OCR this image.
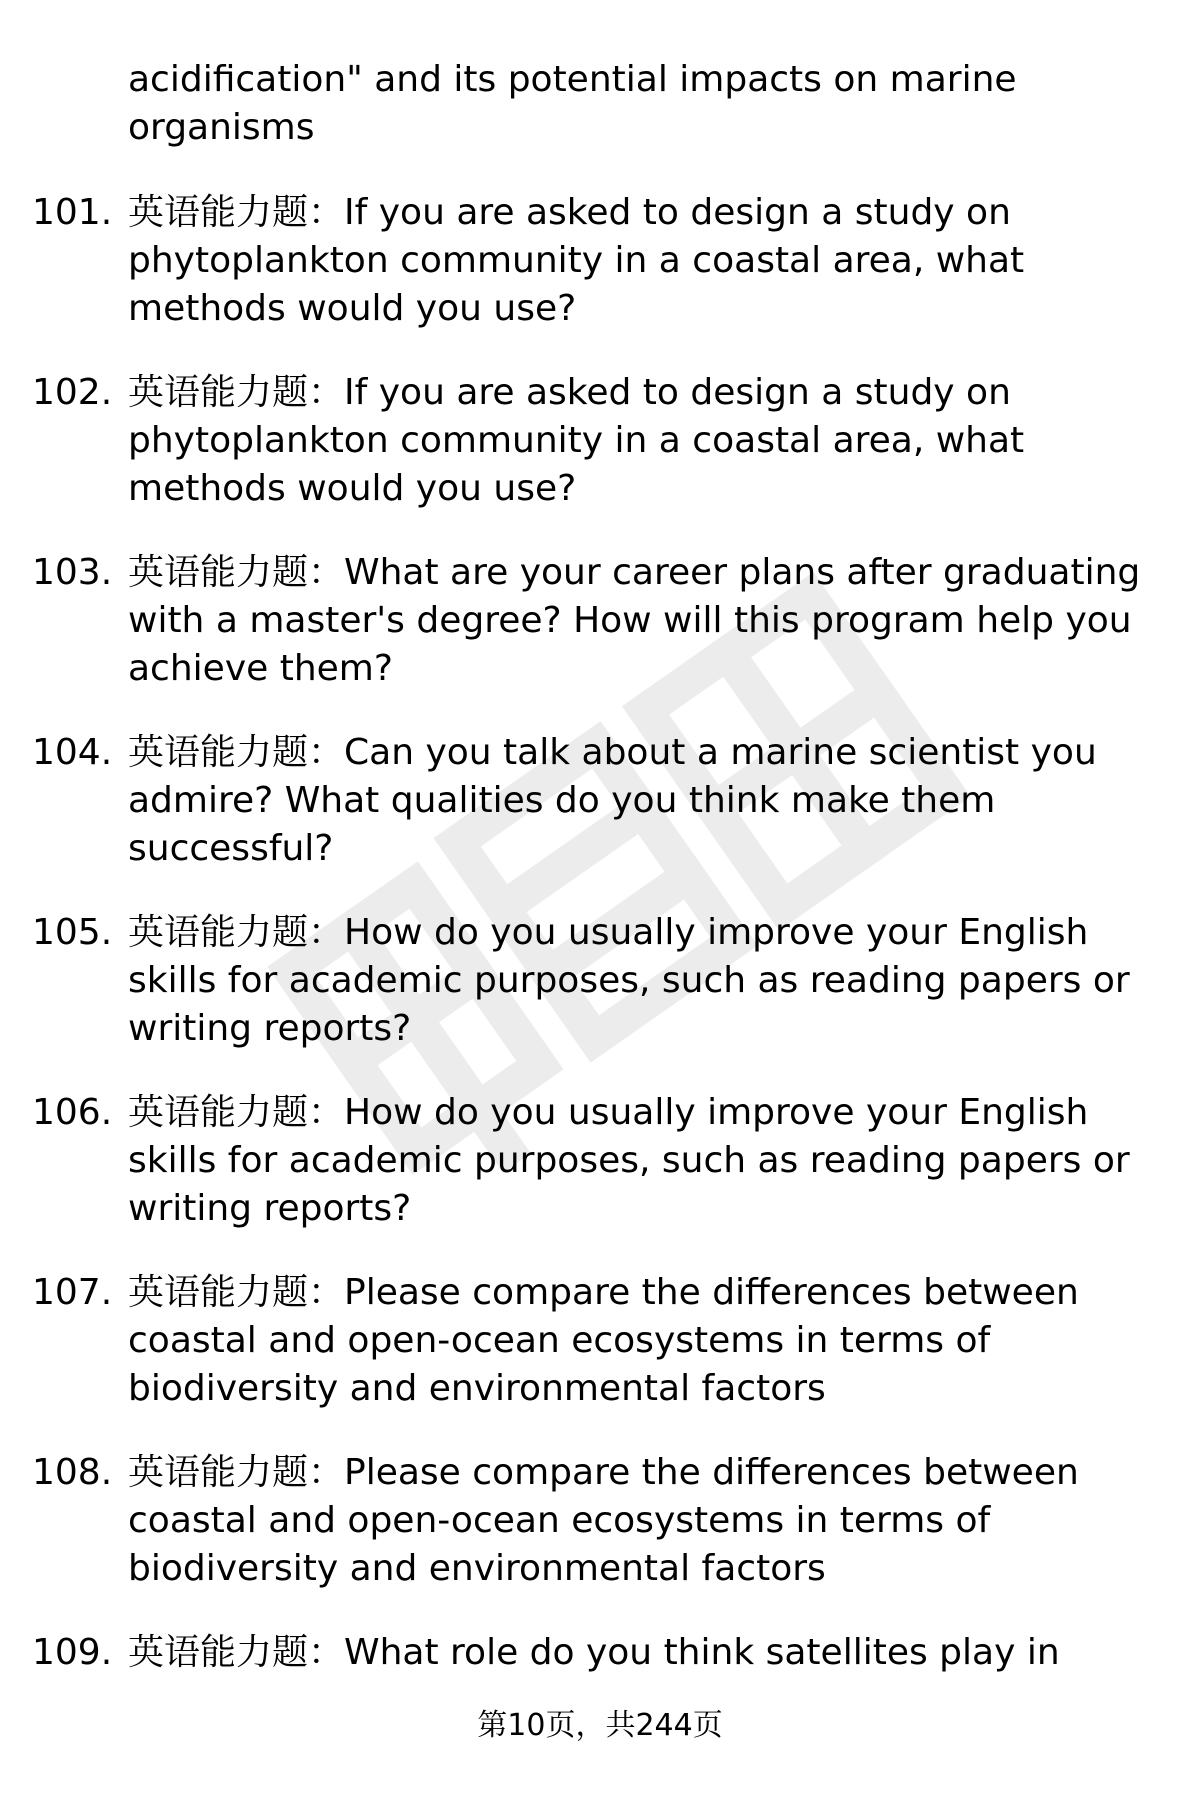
acidification" and its potential impacts on marine organisms

101. 英语能力题：If you are asked to design a study on phytoplankton community in a coastal area, what methods would you use?

102. 英语能力题：If you are asked to design a study on phytoplankton community in a coastal area, what methods would you use?

103. 英语能力题：What are your career plans after graduating with a master's degree? How will this program help you achieve them?

104. 英语能力题：Can you talk about a marine scientist you admire? What qualities do you think make them successful?

105. 英语能力题：How do you usually improve your English skills for academic purposes, such as reading papers or writing reports?

106. 英语能力题：How do you usually improve your English skills for academic purposes, such as reading papers or writing reports?

107. 英语能力题：Please compare the differences between coastal and open-ocean ecosystems in terms of biodiversity and environmental factors

108. 英语能力题：Please compare the differences between coastal and open-ocean ecosystems in terms of biodiversity and environmental factors

109. 英语能力题：What role do you think satellites play in

第10页，共244页
